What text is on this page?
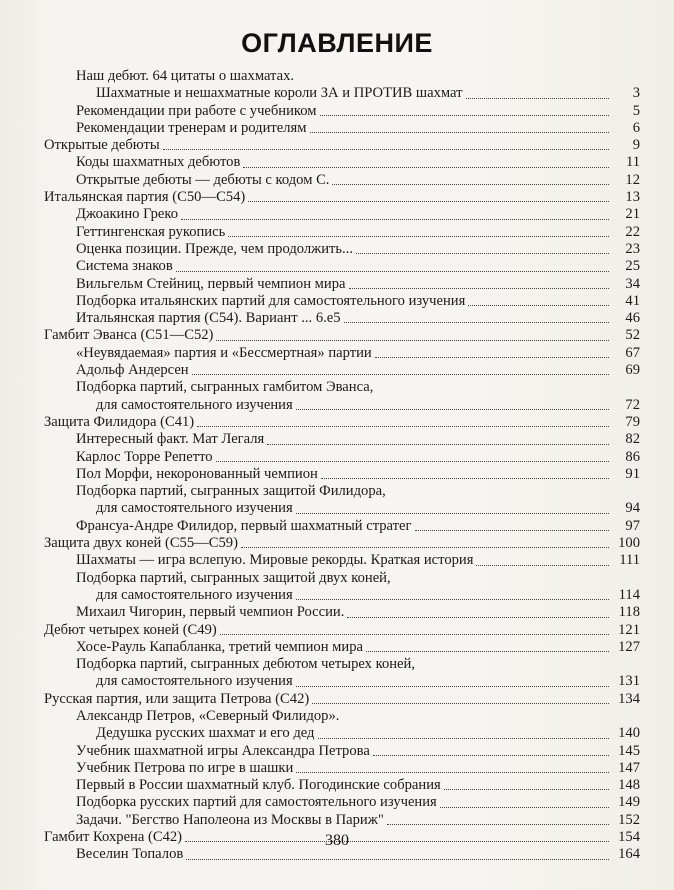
ОГЛАВЛЕНИЕ
Наш дебют. 64 цитаты о шахматах.
Шахматные и нешахматные короли ЗА и ПРОТИВ шахмат	3
Рекомендации при работе с учебником	5
Рекомендации тренерам и родителям	6
Открытые дебюты	9
Коды шахматных дебютов	11
Открытые дебюты — дебюты с кодом С.	12
Итальянская партия (С50—С54)	13
Джоакино Греко	21
Геттингенская рукопись	22
Оценка позиции. Прежде, чем продолжить...	23
Система знаков	25
Вильгельм Стейниц, первый чемпион мира	34
Подборка итальянских партий для самостоятельного изучения	41
Итальянская партия (С54). Вариант ... 6.е5	46
Гамбит Эванса (С51—С52)	52
«Неувядаемая» партия и «Бессмертная» партии	67
Адольф Андерсен	69
Подборка партий, сыгранных гамбитом Эванса,
для самостоятельного изучения	72
Защита Филидора (С41)	79
Интересный факт. Мат Легаля	82
Карлос Торре Репетто	86
Пол Морфи, некоронованный чемпион	91
Подборка партий, сыгранных защитой Филидора,
для самостоятельного изучения	94
Франсуа-Андре Филидор, первый шахматный стратег	97
Защита двух коней (С55—С59)	100
Шахматы — игра вслепую. Мировые рекорды. Краткая история	111
Подборка партий, сыгранных защитой двух коней,
для самостоятельного изучения	114
Михаил Чигорин, первый чемпион России.	118
Дебют четырех коней (С49)	121
Хосе-Рауль Капабланка, третий чемпион мира	127
Подборка партий, сыгранных дебютом четырех коней,
для самостоятельного изучения	131
Русская партия, или защита Петрова (С42)	134
Александр Петров, «Северный Филидор».
Дедушка русских шахмат и его дед	140
Учебник шахматной игры Александра Петрова	145
Учебник Петрова по игре в шашки	147
Первый в России шахматный клуб. Погодинские собрания	148
Подборка русских партий для самостоятельного изучения	149
Задачи. "Бегство Наполеона из Москвы в Париж"	152
Гамбит Кохрена (С42)	154
Веселин Топалов	164
380
